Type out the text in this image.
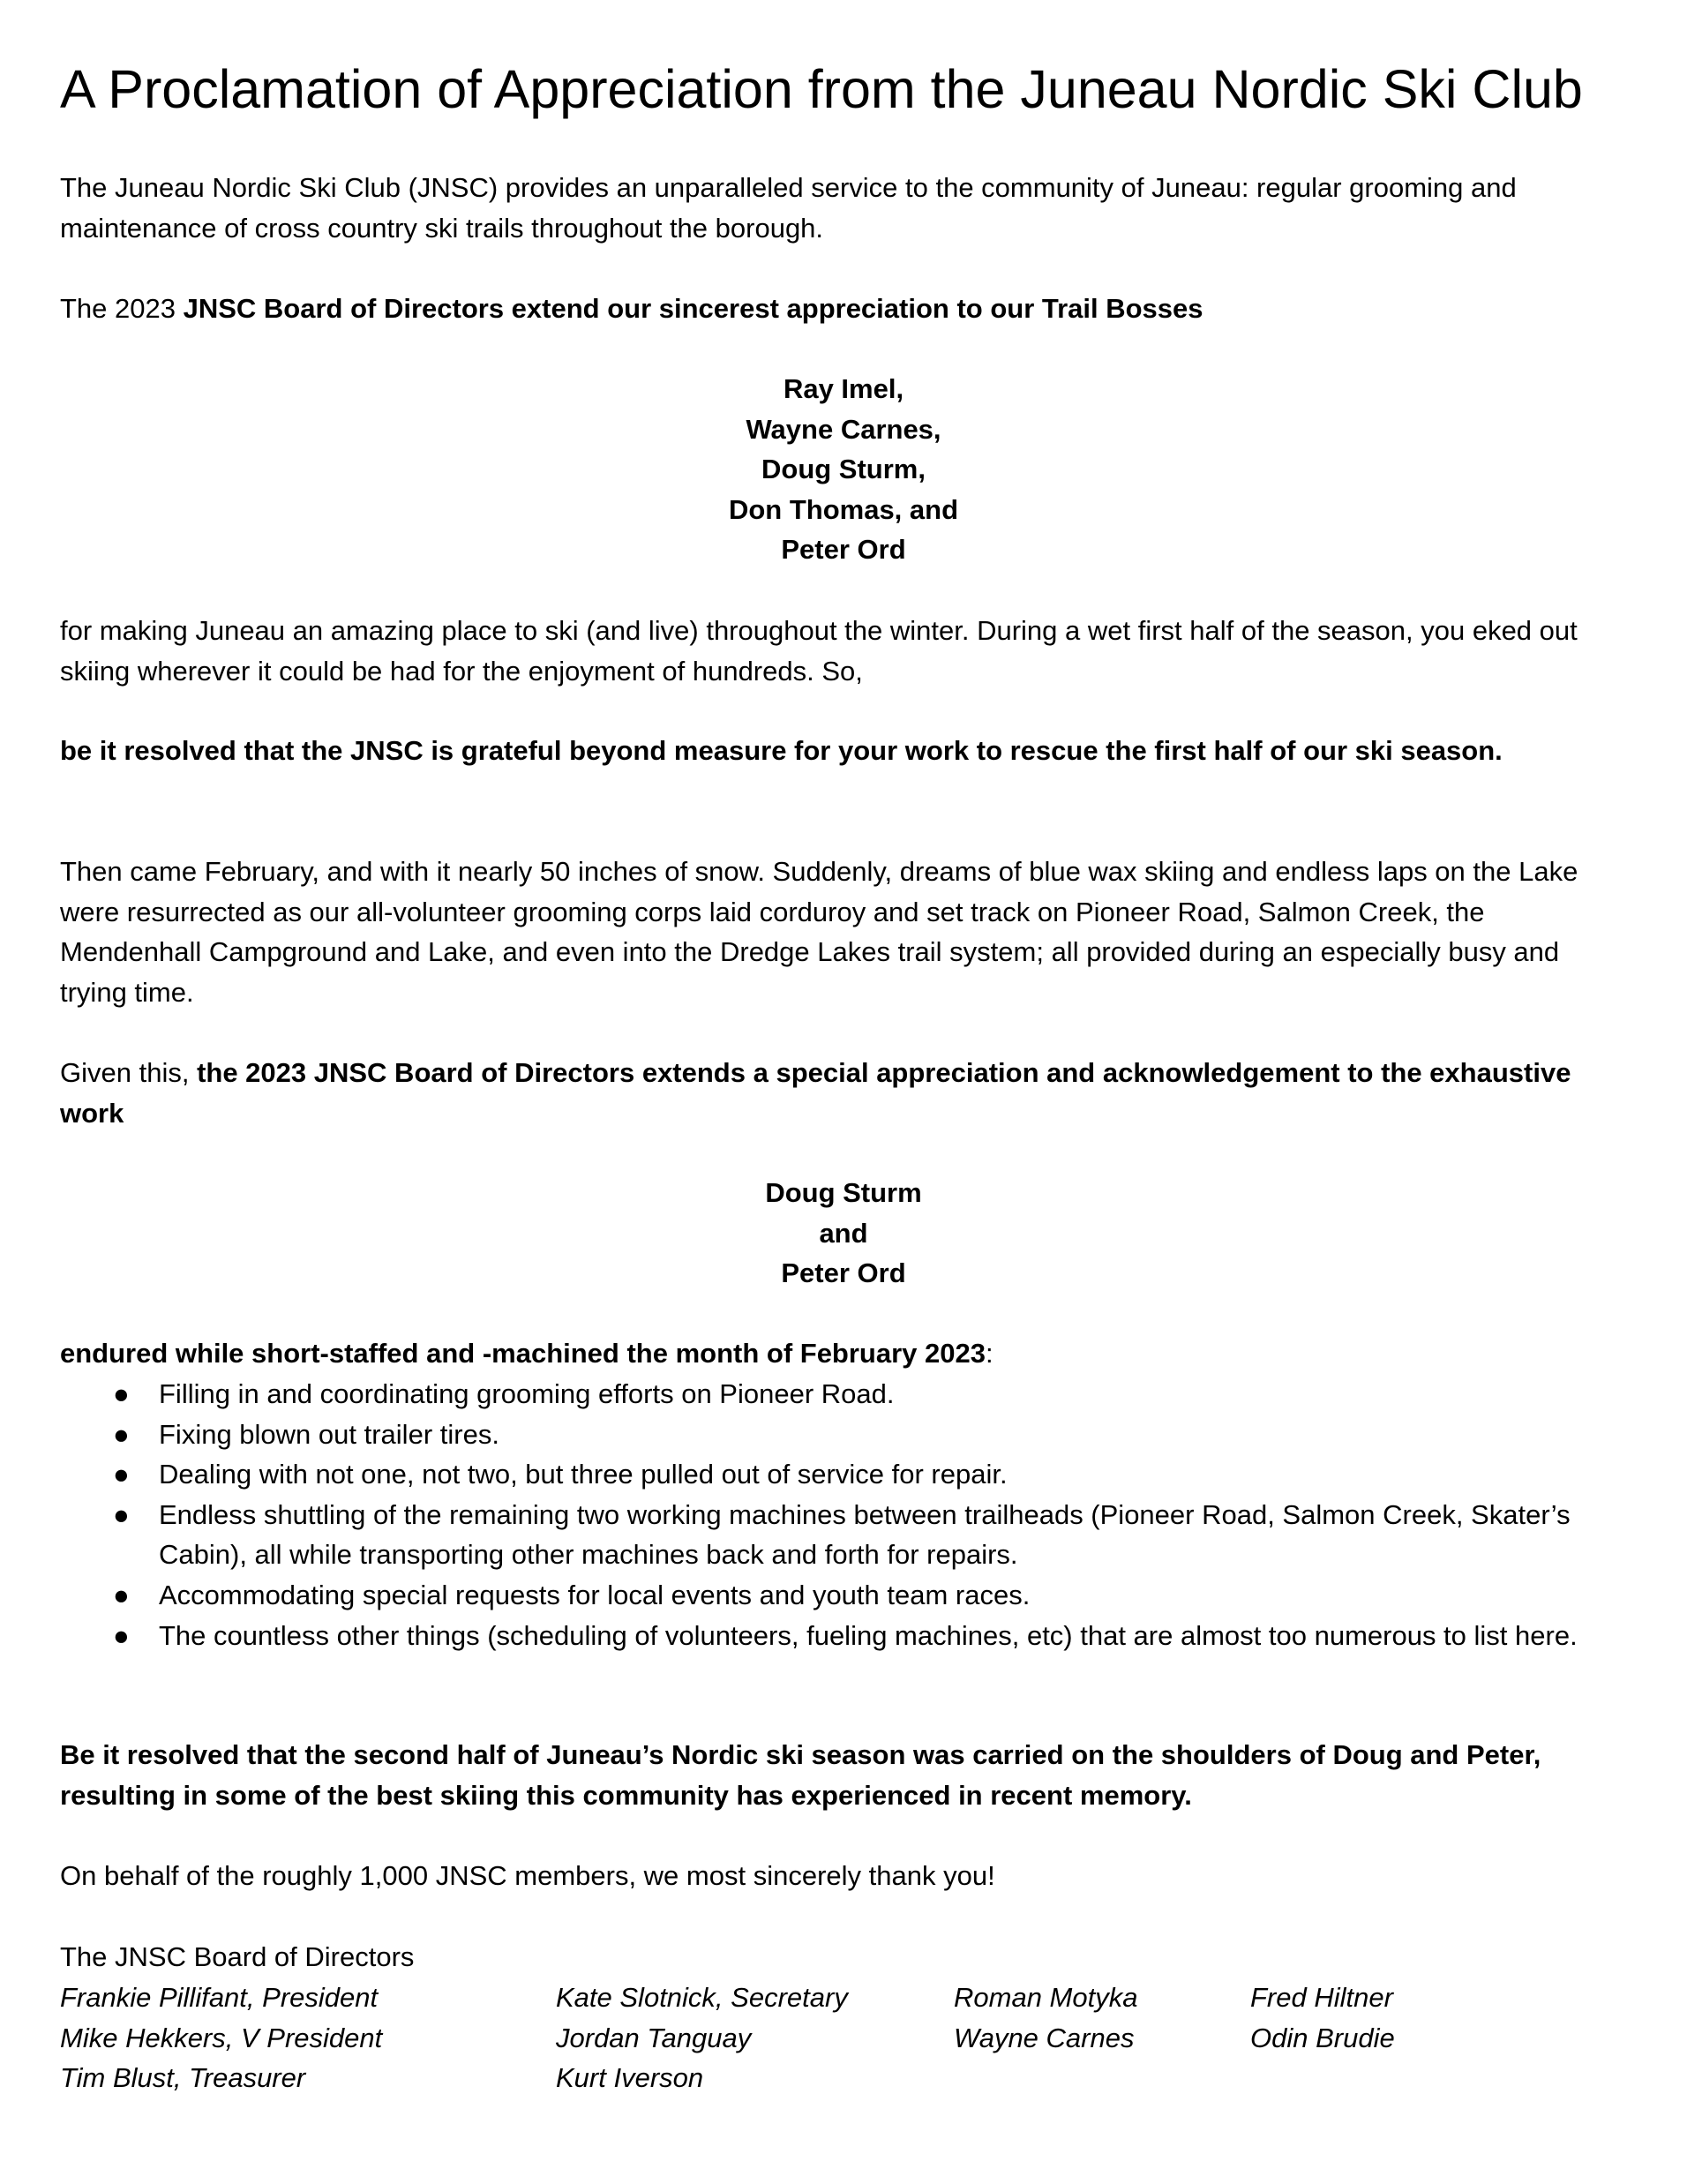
A Proclamation of Appreciation from the Juneau Nordic Ski Club
The Juneau Nordic Ski Club (JNSC) provides an unparalleled service to the community of Juneau: regular grooming and maintenance of cross country ski trails throughout the borough.
The 2023 JNSC Board of Directors extend our sincerest appreciation to our Trail Bosses
Ray Imel,
Wayne Carnes,
Doug Sturm,
Don Thomas, and
Peter Ord
for making Juneau an amazing place to ski (and live) throughout the winter. During a wet first half of the season, you eked out skiing wherever it could be had for the enjoyment of hundreds. So,
be it resolved that the JNSC is grateful beyond measure for your work to rescue the first half of our ski season.
Then came February, and with it nearly 50 inches of snow. Suddenly, dreams of blue wax skiing and endless laps on the Lake were resurrected as our all-volunteer grooming corps laid corduroy and set track on Pioneer Road, Salmon Creek, the Mendenhall Campground and Lake, and even into the Dredge Lakes trail system; all provided during an especially busy and trying time.
Given this, the 2023 JNSC Board of Directors extends a special appreciation and acknowledgement to the exhaustive work
Doug Sturm
and
Peter Ord
endured while short-staffed and -machined the month of February 2023:
● Filling in and coordinating grooming efforts on Pioneer Road.
● Fixing blown out trailer tires.
● Dealing with not one, not two, but three pulled out of service for repair.
● Endless shuttling of the remaining two working machines between trailheads (Pioneer Road, Salmon Creek, Skater’s Cabin), all while transporting other machines back and forth for repairs.
● Accommodating special requests for local events and youth team races.
● The countless other things (scheduling of volunteers, fueling machines, etc) that are almost too numerous to list here.
Be it resolved that the second half of Juneau’s Nordic ski season was carried on the shoulders of Doug and Peter, resulting in some of the best skiing this community has experienced in recent memory.
On behalf of the roughly 1,000 JNSC members, we most sincerely thank you!
The JNSC Board of Directors
Frankie Pillifant, President
Mike Hekkers, V President
Tim Blust, Treasurer
Kate Slotnick, Secretary
Jordan Tanguay
Kurt Iverson
Roman Motyka
Wayne Carnes
Fred Hiltner
Odin Brudie
